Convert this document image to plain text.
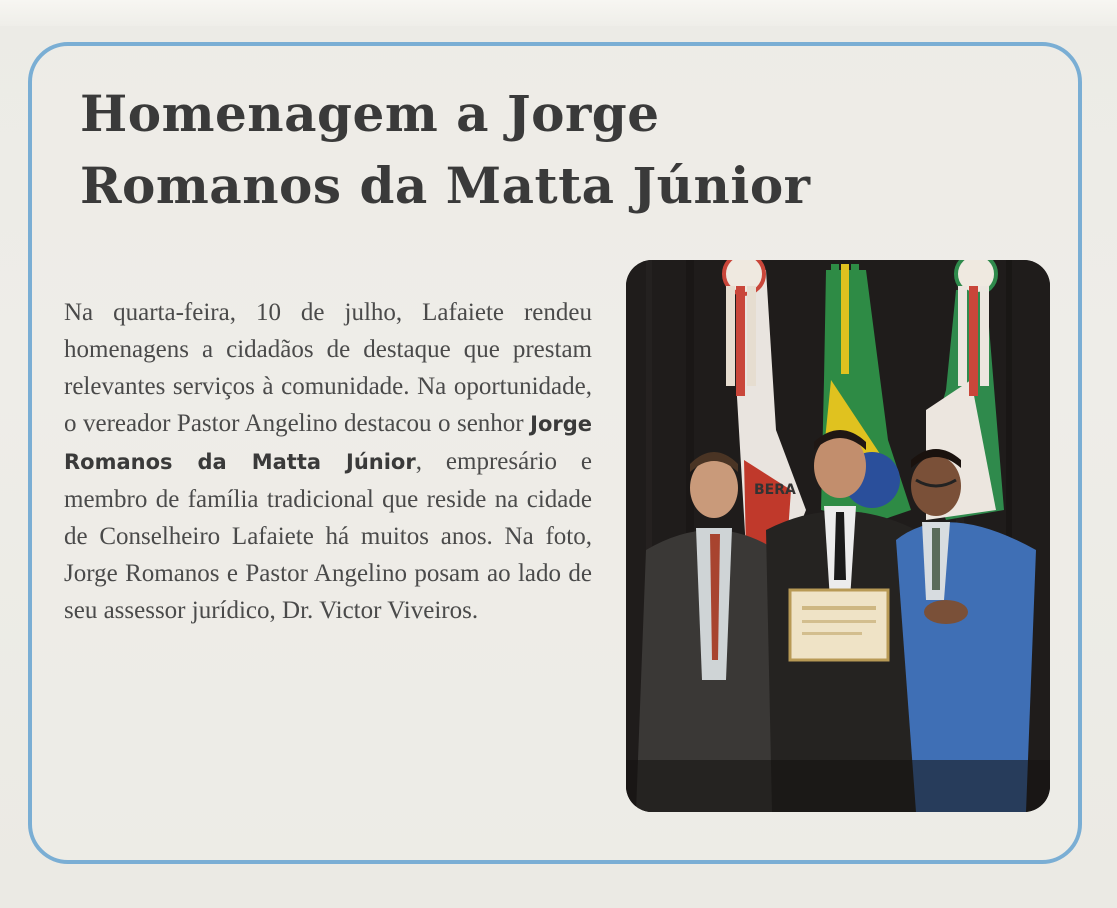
Homenagem a Jorge
Romanos da Matta Júnior

Na quarta-feira, 10 de julho, Lafaiete rendeu homenagens a cidadãos de destaque que prestam relevantes serviços à comunidade. Na oportunidade, o vereador Pastor Angelino destacou o senhor Jorge Romanos da Matta Júnior, empresário e membro de família tradicional que reside na cidade de Conselheiro Lafaiete há muitos anos. Na foto, Jorge Romanos e Pastor Angelino posam ao lado de seu assessor jurídico, Dr. Victor Viveiros.

BERA
